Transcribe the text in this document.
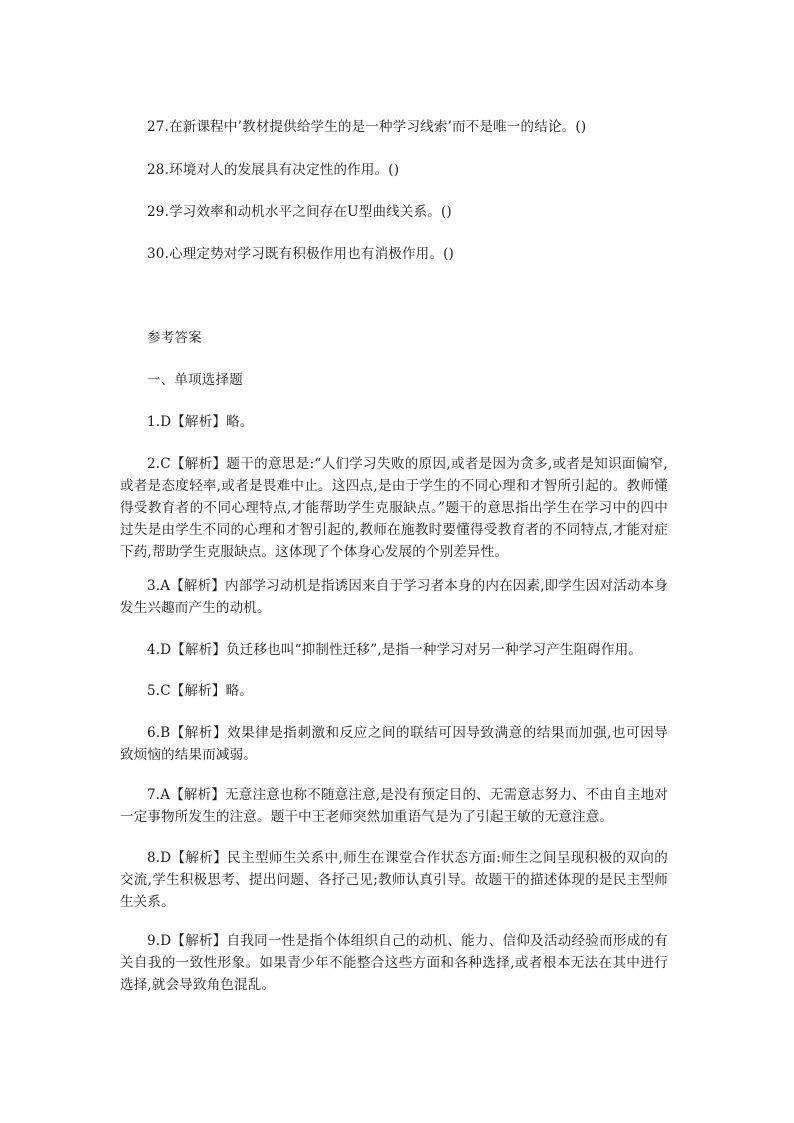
27.在新课程中’教材提供给学生的是一种学习线索’而不是唯一的结论。()
28.环境对人的发展具有决定性的作用。()
29.学习效率和动机水平之间存在U型曲线关系。()
30.心理定势对学习既有积极作用也有消极作用。()
参考答案
一、单项选择题
1.D【解析】略。
2.C【解析】题干的意思是:“人们学习失败的原因,或者是因为贪多,或者是知识面偏窄,或者是态度轻率,或者是畏难中止。这四点,是由于学生的不同心理和才智所引起的。教师懂得受教育者的不同心理特点,才能帮助学生克服缺点。”题干的意思指出学生在学习中的四中过失是由学生不同的心理和才智引起的,教师在施教时要懂得受教育者的不同特点,才能对症下药,帮助学生克服缺点。这体现了个体身心发展的个别差异性。
3.A【解析】内部学习动机是指诱因来自于学习者本身的内在因素,即学生因对活动本身发生兴趣而产生的动机。
4.D【解析】负迁移也叫“抑制性迁移”,是指一种学习对另一种学习产生阻碍作用。
5.C【解析】略。
6.B【解析】效果律是指刺激和反应之间的联结可因导致满意的结果而加强,也可因导致烦恼的结果而减弱。
7.A【解析】无意注意也称不随意注意,是没有预定目的、无需意志努力、不由自主地对一定事物所发生的注意。题干中王老师突然加重语气是为了引起王敏的无意注意。
8.D【解析】民主型师生关系中,师生在课堂合作状态方面:师生之间呈现积极的双向的交流,学生积极思考、提出问题、各抒己见;教师认真引导。故题干的描述体现的是民主型师生关系。
9.D【解析】自我同一性是指个体组织自己的动机、能力、信仰及活动经验而形成的有关自我的一致性形象。如果青少年不能整合这些方面和各种选择,或者根本无法在其中进行选择,就会导致角色混乱。
